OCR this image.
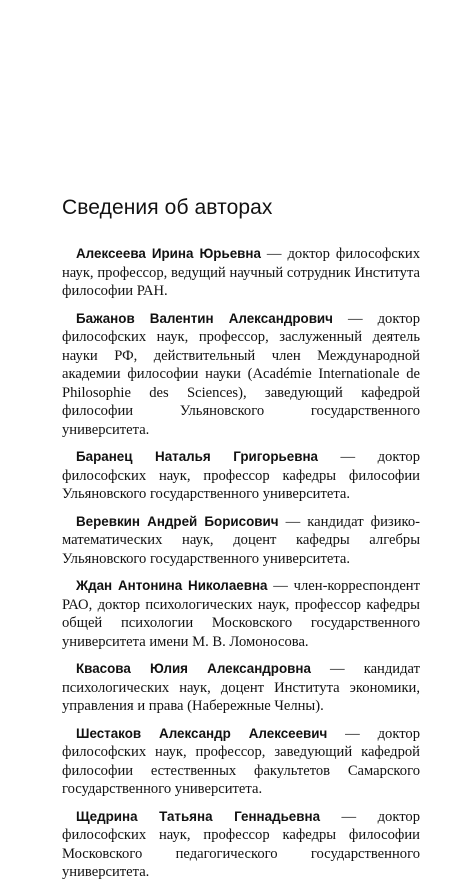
Сведения об авторах

Алексеева Ирина Юрьевна — доктор философских наук, профессор, ведущий научный сотрудник Института философии РАН.

Бажанов Валентин Александрович — доктор философских наук, профессор, заслуженный деятель науки РФ, действительный член Международной академии философии науки (Académie Internationale de Philosophie des Sciences), заведующий кафедрой философии Ульяновского государственного университета.

Баранец Наталья Григорьевна — доктор философских наук, профессор кафедры философии Ульяновского государственного университета.

Веревкин Андрей Борисович — кандидат физико-математических наук, доцент кафедры алгебры Ульяновского государственного университета.

Ждан Антонина Николаевна — член-корреспондент РАО, доктор психологических наук, профессор кафедры общей психологии Московского государственного университета имени М. В. Ломоносова.

Квасова Юлия Александровна — кандидат психологических наук, доцент Института экономики, управления и права (Набережные Челны).

Шестаков Александр Алексеевич — доктор философских наук, профессор, заведующий кафедрой философии естественных факультетов Самарского государственного университета.

Щедрина Татьяна Геннадьевна — доктор философских наук, профессор кафедры философии Московского педагогического государственного университета.
